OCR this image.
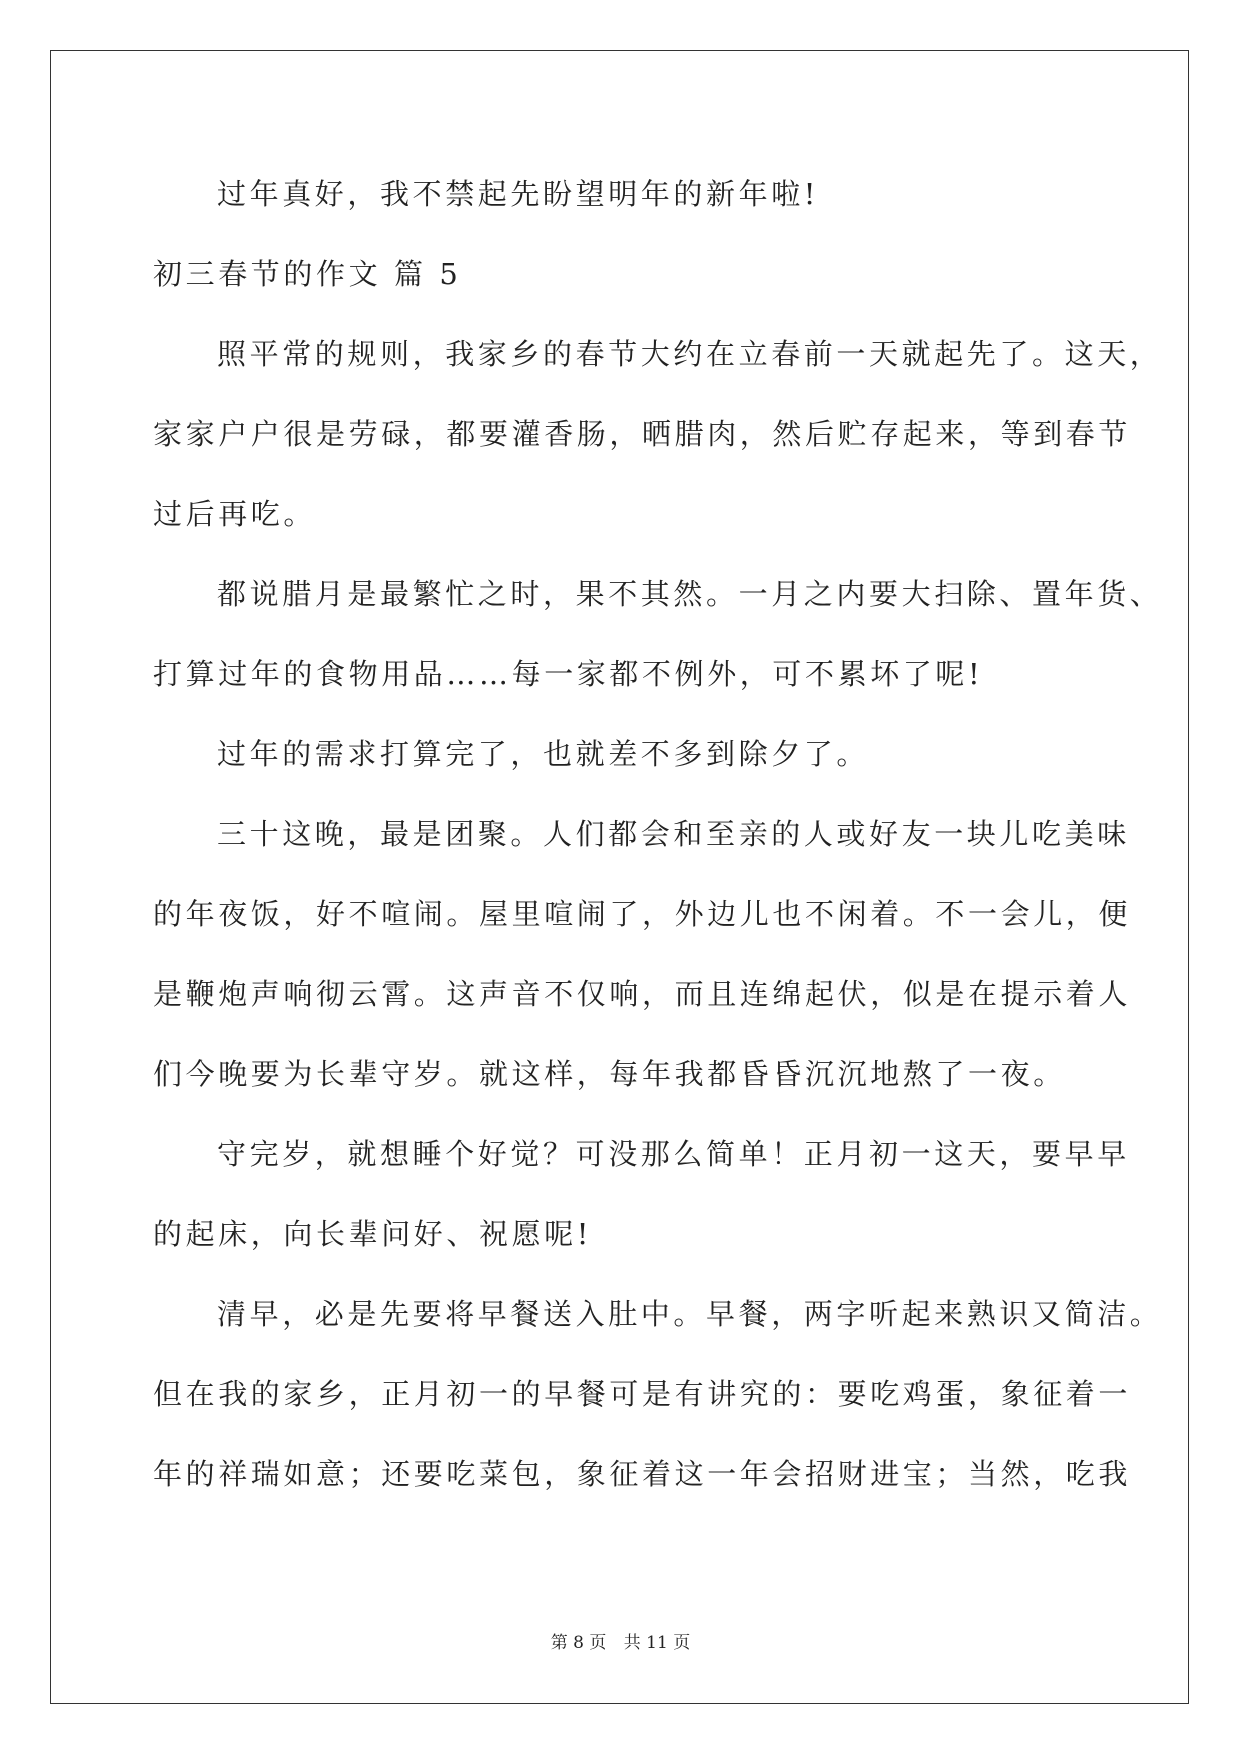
过年真好，我不禁起先盼望明年的新年啦!
初三春节的作文 篇 5
照平常的规则，我家乡的春节大约在立春前一天就起先了。这天，
家家户户很是劳碌，都要灌香肠，晒腊肉，然后贮存起来，等到春节
过后再吃。
都说腊月是最繁忙之时，果不其然。一月之内要大扫除、置年货、
打算过年的食物用品……每一家都不例外，可不累坏了呢!
过年的需求打算完了，也就差不多到除夕了。
三十这晚，最是团聚。人们都会和至亲的人或好友一块儿吃美味
的年夜饭，好不喧闹。屋里喧闹了，外边儿也不闲着。不一会儿，便
是鞭炮声响彻云霄。这声音不仅响，而且连绵起伏，似是在提示着人
们今晚要为长辈守岁。就这样，每年我都昏昏沉沉地熬了一夜。
守完岁，就想睡个好觉？可没那么简单！正月初一这天，要早早
的起床，向长辈问好、祝愿呢!
清早，必是先要将早餐送入肚中。早餐，两字听起来熟识又简洁。
但在我的家乡，正月初一的早餐可是有讲究的：要吃鸡蛋，象征着一
年的祥瑞如意；还要吃菜包，象征着这一年会招财进宝；当然，吃我
第 8 页 共 11 页
